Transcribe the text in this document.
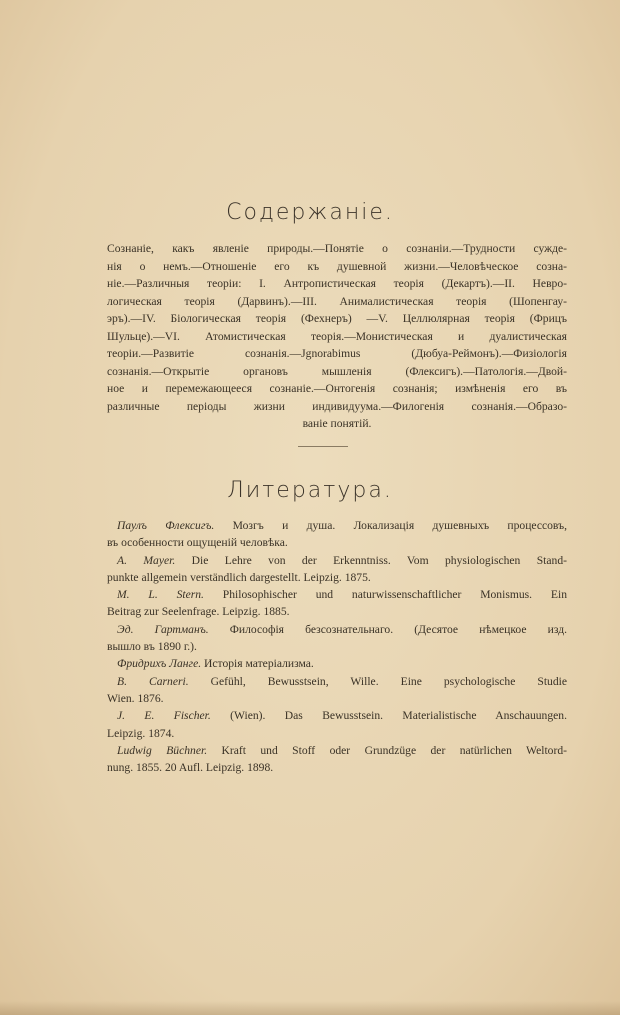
Содержаніе.
Сознаніе, какъ явленіе природы.—Понятіе о сознаніи.—Трудности сужде-
нія о немъ.—Отношеніе его къ душевной жизни.—Человѣческое созна-
ніе.—Различныя теоріи: I. Антропистическая теорія (Декартъ).—II. Невро-
логическая теорія (Дарвинъ).—III. Анималистическая теорія (Шопенгау-
эръ).—IV. Біологическая теорія (Фехнеръ) —V. Целлюлярная теорія (Фрицъ
Шульце).—VI. Атомистическая теорія.—Монистическая и дуалистическая
теоріи.—Развитіе сознанія.—Jgnorabimus (Дюбуа-Реймонъ).—Физіологія
сознанія.—Открытіе органовъ мышленія (Флексигъ).—Патологія.—Двой-
ное и перемежающееся сознаніе.—Онтогенія сознанія; измѣненія его въ
различные періоды жизни индивидуума.—Филогенія сознанія.—Образо-
ваніе понятій.
Литература.
Паулъ Флексигъ. Мозгъ и душа. Локализація душевныхъ процессовъ,
въ особенности ощущеній человѣка.
A. Mayer. Die Lehre von der Erkenntniss. Vom physiologischen Stand-
punkte allgemein verständlich dargestellt. Leipzig. 1875.
M. L. Stern. Philosophischer und naturwissenschaftlicher Monismus. Ein
Beitrag zur Seelenfrage. Leipzig. 1885.
Эд. Гартманъ. Философія безсознательнаго. (Десятое нѣмецкое изд.
вышло въ 1890 г.).
Фридрихъ Ланге. Исторія матеріализма.
B. Carneri. Gefühl, Bewusstsein, Wille. Eine psychologische Studie
Wien. 1876.
J. E. Fischer. (Wien). Das Bewusstsein. Materialistische Anschauungen.
Leipzig. 1874.
Ludwig Büchner. Kraft und Stoff oder Grundzüge der natürlichen Weltord-
nung. 1855. 20 Aufl. Leipzig. 1898.
